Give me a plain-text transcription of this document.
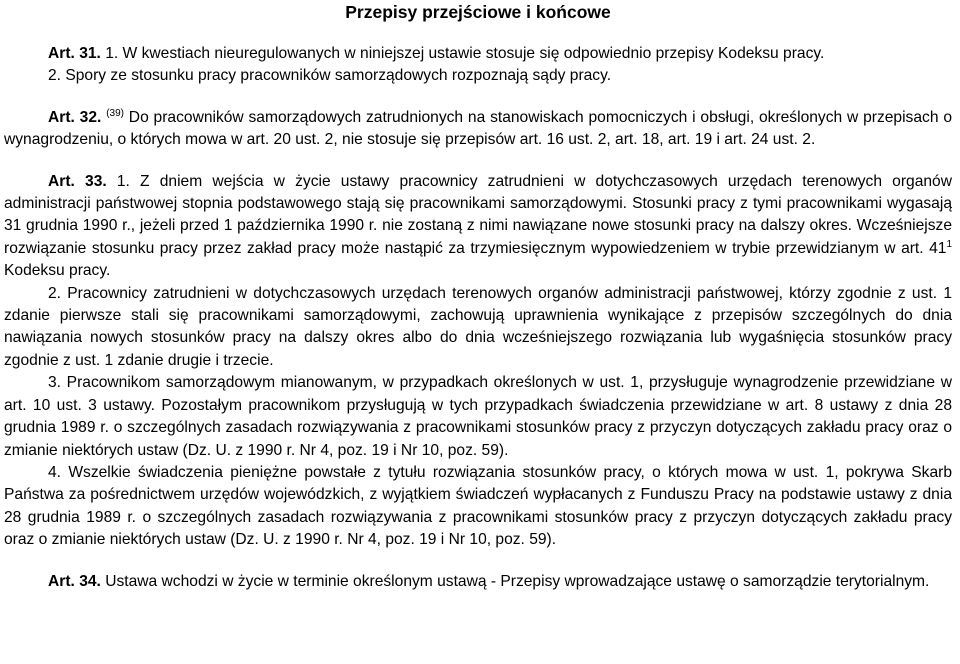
Przepisy przejściowe i końcowe

Art. 31. 1. W kwestiach nieuregulowanych w niniejszej ustawie stosuje się odpowiednio przepisy Kodeksu pracy.

2. Spory ze stosunku pracy pracowników samorządowych rozpoznają sądy pracy.

Art. 32. $^{(39)}$ Do pracowników samorządowych zatrudnionych na stanowiskach pomocniczych i obsługi, określonych w przepisach o wynagrodzeniu, o których mowa w art. 20 ust. 2, nie stosuje się przepisów art. 16 ust. 2, art. 18, art. 19 i art. 24 ust. 2.

Art. 33. 1. Z dniem wejścia w życie ustawy pracownicy zatrudnieni w dotychczasowych urzędach terenowych organów administracji państwowej stopnia podstawowego stają się pracownikami samorządowymi. Stosunki pracy z tymi pracownikami wygasają 31 grudnia 1990 r., jeżeli przed 1 października 1990 r. nie zostaną z nimi nawiązane nowe stosunki pracy na dalszy okres. Wcześniejsze rozwiązanie stosunku pracy przez zakład pracy może nastąpić za trzymiesięcznym wypowiedzeniem w trybie przewidzianym w art. $41^1$ Kodeksu pracy.

2. Pracownicy zatrudnieni w dotychczasowych urzędach terenowych organów administracji państwowej, którzy zgodnie z ust. 1 zdanie pierwsze stali się pracownikami samorządowymi, zachowują uprawnienia wynikające z przepisów szczególnych do dnia nawiązania nowych stosunków pracy na dalszy okres albo do dnia wcześniejszego rozwiązania lub wygaśnięcia stosunków pracy zgodnie z ust. 1 zdanie drugie i trzecie.

3. Pracownikom samorządowym mianowanym, w przypadkach określonych w ust. 1, przysługuje wynagrodzenie przewidziane w art. 10 ust. 3 ustawy. Pozostałym pracownikom przysługują w tych przypadkach świadczenia przewidziane w art. 8 ustawy z dnia 28 grudnia 1989 r. o szczególnych zasadach rozwiązywania z pracownikami stosunków pracy z przyczyn dotyczących zakładu pracy oraz o zmianie niektórych ustaw (Dz. U. z 1990 r. Nr 4, poz. 19 i Nr 10, poz. 59).

4. Wszelkie świadczenia pieniężne powstałe z tytułu rozwiązania stosunków pracy, o których mowa w ust. 1, pokrywa Skarb Państwa za pośrednictwem urzędów wojewódzkich, z wyjątkiem świadczeń wypłacanych z Funduszu Pracy na podstawie ustawy z dnia 28 grudnia 1989 r. o szczególnych zasadach rozwiązywania z pracownikami stosunków pracy z przyczyn dotyczących zakładu pracy oraz o zmianie niektórych ustaw (Dz. U. z 1990 r. Nr 4, poz. 19 i Nr 10, poz. 59).

Art. 34. Ustawa wchodzi w życie w terminie określonym ustawą - Przepisy wprowadzające ustawę o samorządzie terytorialnym.
